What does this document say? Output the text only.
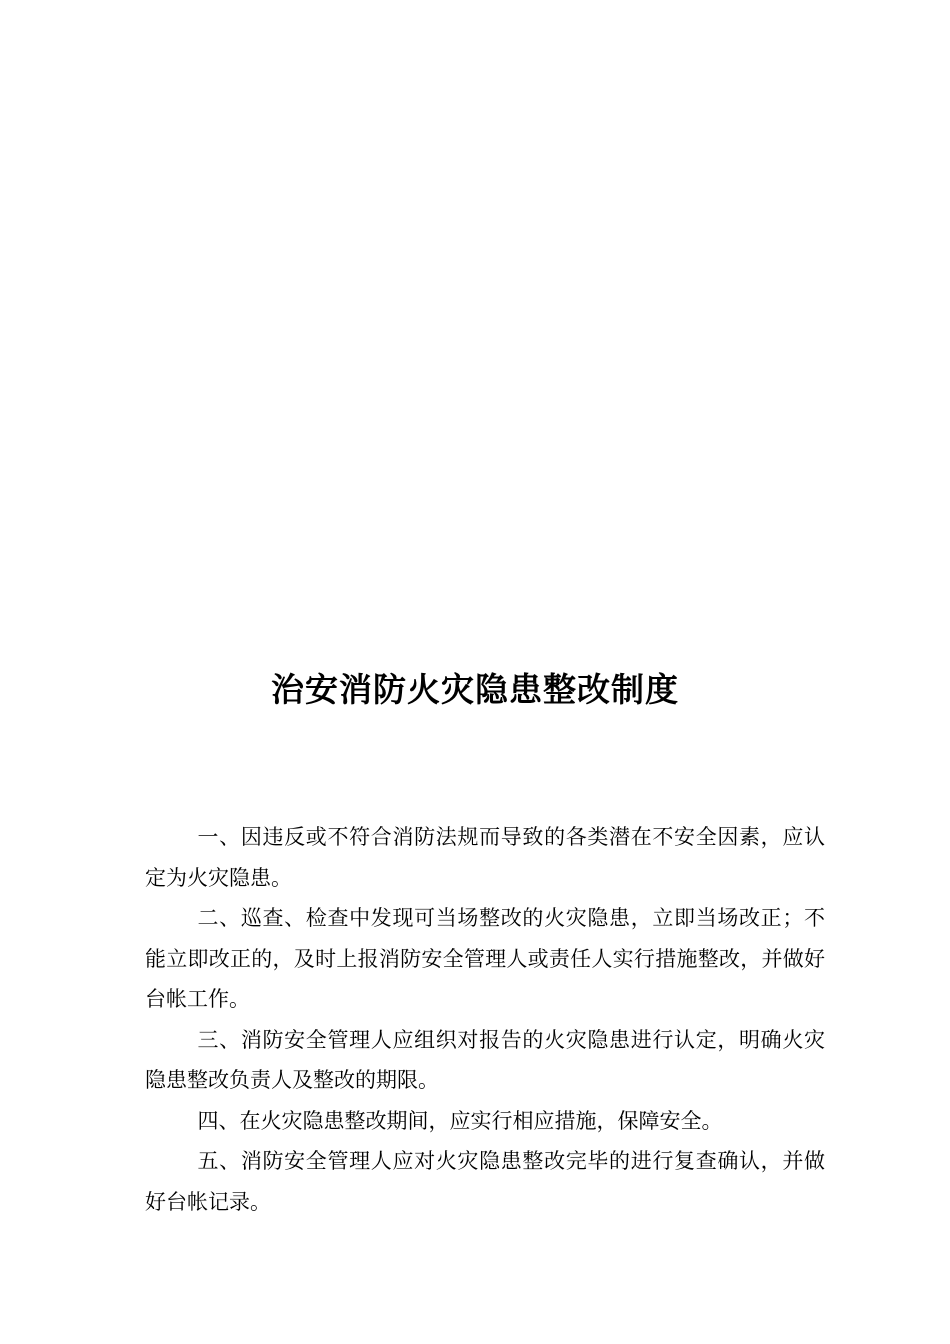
治安消防火灾隐患整改制度

一、因违反或不符合消防法规而导致的各类潜在不安全因素，应认定为火灾隐患。

二、巡查、检查中发现可当场整改的火灾隐患，立即当场改正；不能立即改正的，及时上报消防安全管理人或责任人实行措施整改，并做好台帐工作。

三、消防安全管理人应组织对报告的火灾隐患进行认定，明确火灾隐患整改负责人及整改的期限。

四、在火灾隐患整改期间，应实行相应措施，保障安全。

五、消防安全管理人应对火灾隐患整改完毕的进行复查确认，并做好台帐记录。
